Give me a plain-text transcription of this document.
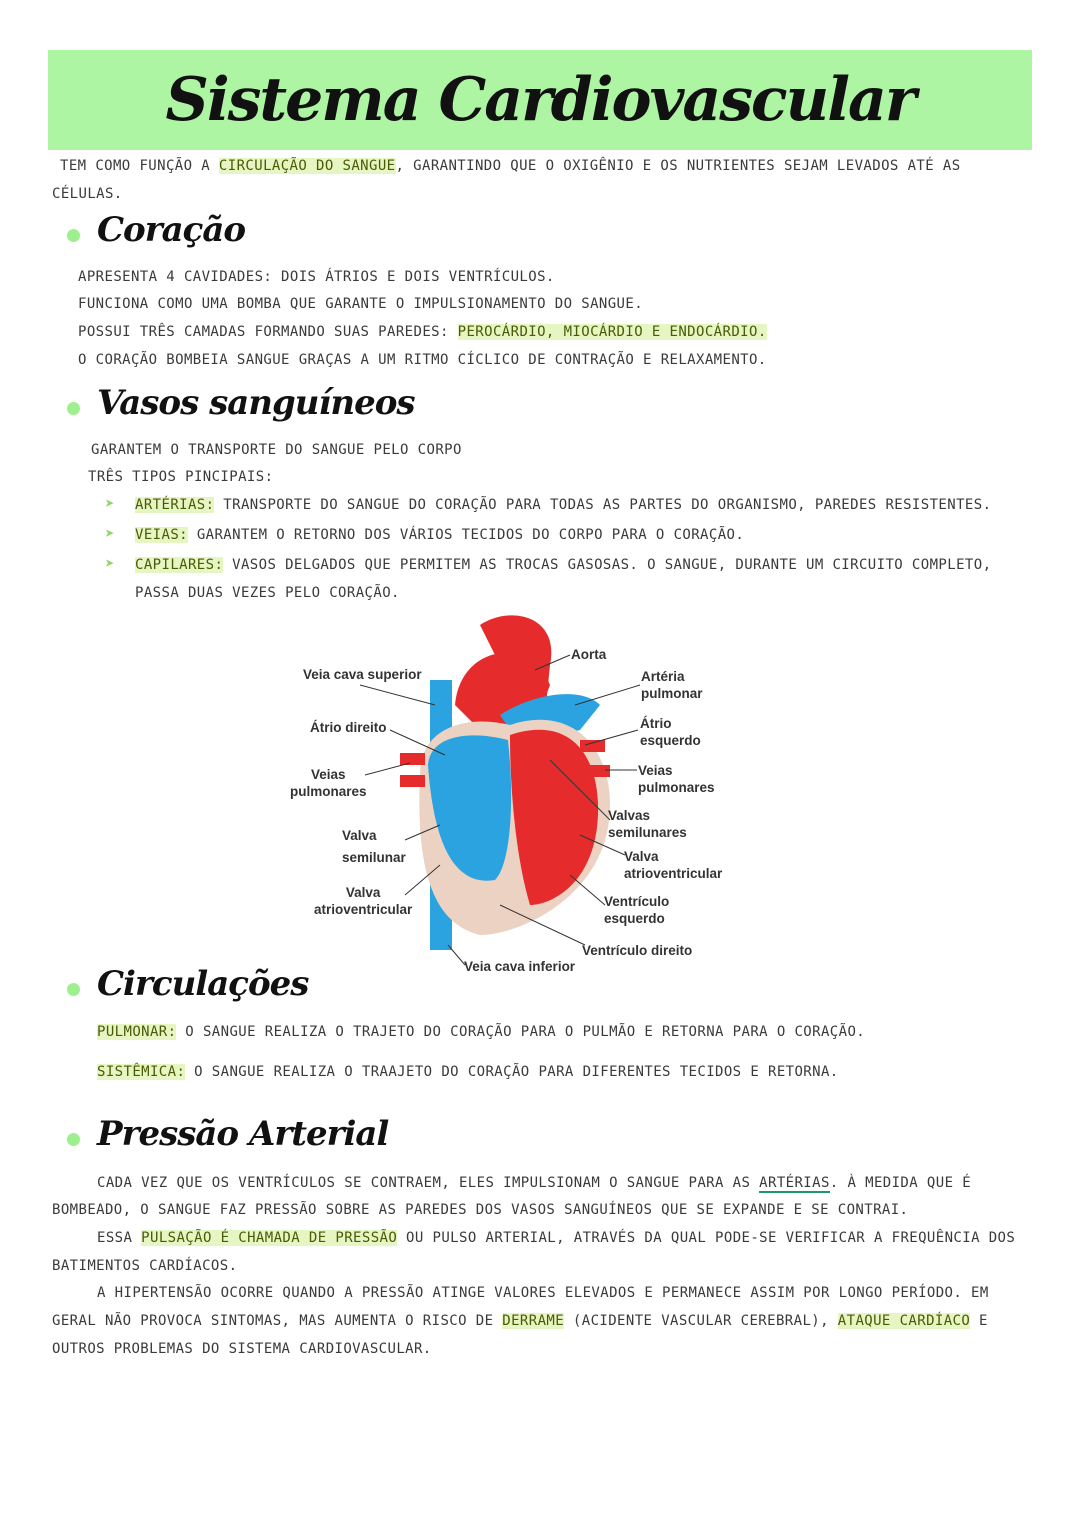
Sistema Cardiovascular
TEM COMO FUNÇÃO A CIRCULAÇÃO DO SANGUE, GARANTINDO QUE O OXIGÊNIO E OS NUTRIENTES SEJAM LEVADOS ATÉ AS
CÉLULAS.
Coração
APRESENTA 4 CAVIDADES: DOIS ÁTRIOS E DOIS VENTRÍCULOS.
FUNCIONA COMO UMA BOMBA QUE GARANTE O IMPULSIONAMENTO DO SANGUE.
POSSUI TRÊS CAMADAS FORMANDO SUAS PAREDES: PEROCÁRDIO, MIOCÁRDIO E ENDOCÁRDIO.
O CORAÇÃO BOMBEIA SANGUE GRAÇAS A UM RITMO CÍCLICO DE CONTRAÇÃO E RELAXAMENTO.
Vasos sanguíneos
GARANTEM O TRANSPORTE DO SANGUE PELO CORPO
TRÊS TIPOS PINCIPAIS:
➤ ARTÉRIAS: TRANSPORTE DO SANGUE DO CORAÇÃO PARA TODAS AS PARTES DO ORGANISMO, PAREDES RESISTENTES.
➤ VEIAS: GARANTEM O RETORNO DOS VÁRIOS TECIDOS DO CORPO PARA O CORAÇÃO.
➤ CAPILARES: VASOS DELGADOS QUE PERMITEM AS TROCAS GASOSAS. O SANGUE, DURANTE UM CIRCUITO COMPLETO,
PASSA DUAS VEZES PELO CORAÇÃO.
Aorta
Veia cava superior	Artéria
pulmonar
Átrio direito	Átrio
esquerdo
Veias
pulmonares
Veias
pulmonares
Valvas
semilunares
Valva
semilunar	Valva
atrioventricular
Valva
atrioventricular
Ventrículo
esquerdo
Ventrículo direito
Veia cava inferior
Circulações
PULMONAR: O SANGUE REALIZA O TRAJETO DO CORAÇÃO PARA O PULMÃO E RETORNA PARA O CORAÇÃO.
SISTÊMICA: O SANGUE REALIZA O TRAAJETO DO CORAÇÃO PARA DIFERENTES TECIDOS E RETORNA.
Pressão Arterial
CADA VEZ QUE OS VENTRÍCULOS SE CONTRAEM, ELES IMPULSIONAM O SANGUE PARA AS ARTÉRIAS. À MEDIDA QUE É
BOMBEADO, O SANGUE FAZ PRESSÃO SOBRE AS PAREDES DOS VASOS SANGUÍNEOS QUE SE EXPANDE E SE CONTRAI.
ESSA PULSAÇÃO É CHAMADA DE PRESSÃO OU PULSO ARTERIAL, ATRAVÉS DA QUAL PODE-SE VERIFICAR A FREQUÊNCIA DOS
BATIMENTOS CARDÍACOS.
A HIPERTENSÃO OCORRE QUANDO A PRESSÃO ATINGE VALORES ELEVADOS E PERMANECE ASSIM POR LONGO PERÍODO. EM
GERAL NÃO PROVOCA SINTOMAS, MAS AUMENTA O RISCO DE DERRAME (ACIDENTE VASCULAR CEREBRAL), ATAQUE CARDÍACO E
OUTROS PROBLEMAS DO SISTEMA CARDIOVASCULAR.
